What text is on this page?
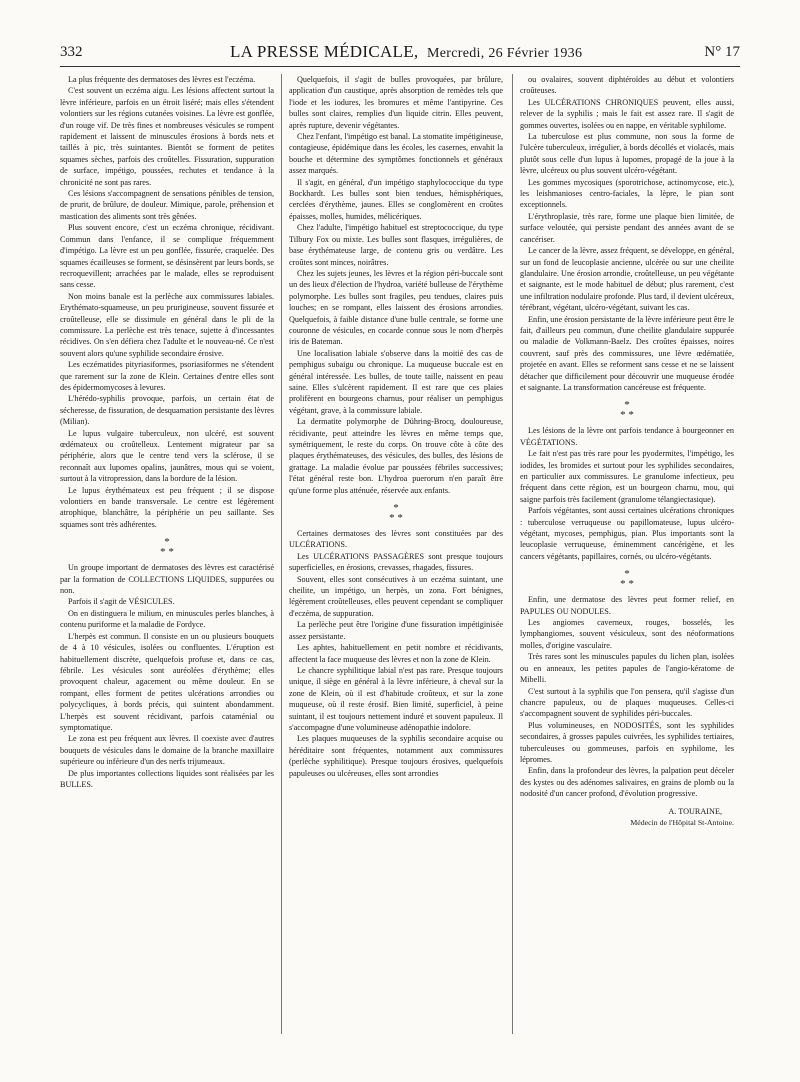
332	LA PRESSE MÉDICALE, Mercredi, 26 Février 1936	N° 17

La plus fréquente des dermatoses des lèvres est l'eczéma.

C'est souvent un eczéma aigu. Les lésions affectent surtout la lèvre inférieure, parfois en un étroit liséré; mais elles s'étendent volontiers sur les régions cutanées voisines. La lèvre est gonflée, d'un rouge vif. De très fines et nombreuses vésicules se rompent rapidement et laissent de minuscules érosions à bords nets et taillés à pic, très suintantes. Bientôt se forment de petites squames sèches, parfois des croûtelles. Fissuration, suppuration de surface, impétigo, poussées, rechutes et tendance à la chronicité ne sont pas rares.

Ces lésions s'accompagnent de sensations pénibles de tension, de prurit, de brûlure, de douleur. Mimique, parole, préhension et mastication des aliments sont très gênées.

Plus souvent encore, c'est un eczéma chronique, récidivant. Commun dans l'enfance, il se complique fréquemment d'impétigo. La lèvre est un peu gonflée, fissurée, craquelée. Des squames écailleuses se forment, se désinsèrent par leurs bords, se recroquevillent; arrachées par le malade, elles se reproduisent sans cesse.

Non moins banale est la perlèche aux commissures labiales. Erythémato-squameuse, un peu prurigineuse, souvent fissurée et croûtelleuse, elle se dissimule en général dans le pli de la commissure. La perlèche est très tenace, sujette à d'incessantes récidives. On s'en défiera chez l'adulte et le nouveau-né. Ce n'est souvent alors qu'une syphilide secondaire érosive.

Les eczématides pityriasiformes, psoriasiformes ne s'étendent que rarement sur la zone de Klein. Certaines d'entre elles sont des épidermomycoses à levures.

L'hérédo-syphilis provoque, parfois, un certain état de sécheresse, de fissuration, de desquamation persistante des lèvres (Milian).

Le lupus vulgaire tuberculeux, non ulcéré, est souvent œdémateux ou croûtelleux. Lentement migrateur par sa périphérie, alors que le centre tend vers la sclérose, il se reconnaît aux lupomes opalins, jaunâtres, mous qui se voient, surtout à la vitropression, dans la bordure de la lésion.

Le lupus érythémateux est peu fréquent ; il se dispose volontiers en bande transversale. Le centre est légèrement atrophique, blanchâtre, la périphérie un peu saillante. Ses squames sont très adhérentes.

*
* *

Un groupe important de dermatoses des lèvres est caractérisé par la formation de COLLECTIONS LIQUIDES, suppurées ou non.

Parfois il s'agit de VÉSICULES.

On en distinguera le milium, en minuscules perles blanches, à contenu puriforme et la maladie de Fordyce.

L'herpès est commun. Il consiste en un ou plusieurs bouquets de 4 à 10 vésicules, isolées ou confluentes. L'éruption est habituellement discrète, quelquefois profuse et, dans ce cas, fébrile. Les vésicules sont auréolées d'érythème; elles provoquent chaleur, agacement ou même douleur. En se rompant, elles forment de petites ulcérations arrondies ou polycycliques, à bords précis, qui suintent abondamment. L'herpès est souvent récidivant, parfois cataménial ou symptomatique.

Le zona est peu fréquent aux lèvres. Il coexiste avec d'autres bouquets de vésicules dans le domaine de la branche maxillaire supérieure ou inférieure d'un des nerfs trijumeaux.

De plus importantes collections liquides sont réalisées par les BULLES.

Quelquefois, il s'agit de bulles provoquées, par brûlure, application d'un caustique, après absorption de remèdes tels que l'iode et les iodures, les bromures et même l'antipyrine. Ces bulles sont claires, remplies d'un liquide citrin. Elles peuvent, après rupture, devenir végétantes.

Chez l'enfant, l'impétigo est banal. La stomatite impétigineuse, contagieuse, épidémique dans les écoles, les casernes, envahit la bouche et détermine des symptômes fonctionnels et généraux assez marqués.

Il s'agit, en général, d'un impétigo staphylococcique du type Bockhardt. Les bulles sont bien tendues, hémisphériques, cerclées d'érythème, jaunes. Elles se conglomèrent en croûtes épaisses, molles, humides, mélicériques.

Chez l'adulte, l'impétigo habituel est streptococcique, du type Tilbury Fox ou mixte. Les bulles sont flasques, irrégulières, de base érythémateuse large, de contenu gris ou verdâtre. Les croûtes sont minces, noirâtres.

Chez les sujets jeunes, les lèvres et la région péri-buccale sont un des lieux d'élection de l'hydroa, variété bulleuse de l'érythème polymorphe. Les bulles sont fragiles, peu tendues, claires puis louches; en se rompant, elles laissent des érosions arrondies. Quelquefois, à faible distance d'une bulle centrale, se forme une couronne de vésicules, en cocarde connue sous le nom d'herpès iris de Bateman.

Une localisation labiale s'observe dans la moitié des cas de pemphigus subaigu ou chronique. La muqueuse buccale est en général intéressée. Les bulles, de toute taille, naissent en peau saine. Elles s'ulcèrent rapidement. Il est rare que ces plaies prolifèrent en bourgeons charnus, pour réaliser un pemphigus végétant, grave, à la commissure labiale.

La dermatite polymorphe de Dühring-Brocq, douloureuse, récidivante, peut atteindre les lèvres en même temps que, symétriquement, le reste du corps. On trouve côte à côte des plaques érythémateuses, des vésicules, des bulles, des lésions de grattage. La maladie évolue par poussées fébriles successives; l'état général reste bon. L'hydroa puerorum n'en paraît être qu'une forme plus atténuée, réservée aux enfants.

*
* *

Certaines dermatoses des lèvres sont constituées par des ULCÉRATIONS.

Les ULCÉRATIONS PASSAGÈRES sont presque toujours superficielles, en érosions, crevasses, rhagades, fissures.

Souvent, elles sont consécutives à un eczéma suintant, une cheilite, un impétigo, un herpès, un zona. Fort bénignes, légèrement croûtelleuses, elles peuvent cependant se compliquer d'eczéma, de suppuration.

La perlèche peut être l'origine d'une fissuration impétiginisée assez persistante.

Les aphtes, habituellement en petit nombre et récidivants, affectent la face muqueuse des lèvres et non la zone de Klein.

Le chancre syphilitique labial n'est pas rare. Presque toujours unique, il siège en général à la lèvre inférieure, à cheval sur la zone de Klein, où il est d'habitude croûteux, et sur la zone muqueuse, où il reste érosif. Bien limité, superficiel, à peine suintant, il est toujours nettement induré et souvent papuleux. Il s'accompagne d'une volumineuse adénopathie indolore.

Les plaques muqueuses de la syphilis secondaire acquise ou héréditaire sont fréquentes, notamment aux commissures (perlèche syphilitique). Presque toujours érosives, quelquefois papuleuses ou ulcéreuses, elles sont arrondies

ou ovalaires, souvent diphtéroïdes au début et volontiers croûteuses.

Les ULCÉRATIONS CHRONIQUES peuvent, elles aussi, relever de la syphilis ; mais le fait est assez rare. Il s'agit de gommes ouvertes, isolées ou en nappe, en véritable syphilome.

La tuberculose est plus commune, non sous la forme de l'ulcère tuberculeux, irrégulier, à bords décollés et violacés, mais plutôt sous celle d'un lupus à lupomes, propagé de la joue à la lèvre, ulcéreux ou plus souvent ulcéro-végétant.

Les gommes mycosiques (sporotrichose, actinomycose, etc.), les leishmanioses centro-faciales, la lèpre, le pian sont exceptionnels.

L'érythroplasie, très rare, forme une plaque bien limitée, de surface veloutée, qui persiste pendant des années avant de se cancériser.

Le cancer de la lèvre, assez fréquent, se développe, en général, sur un fond de leucoplasie ancienne, ulcérée ou sur une cheilite glandulaire. Une érosion arrondie, croûtelleuse, un peu végétante et saignante, est le mode habituel de début; plus rarement, c'est une infiltration nodulaire profonde. Plus tard, il devient ulcéreux, térébrant, végétant, ulcéro-végétant, suivant les cas.

Enfin, une érosion persistante de la lèvre inférieure peut être le fait, d'ailleurs peu commun, d'une cheilite glandulaire suppurée ou maladie de Volkmann-Baelz. Des croûtes épaisses, noires couvrent, sauf près des commissures, une lèvre œdématiée, projetée en avant. Elles se reforment sans cesse et ne se laissent détacher que difficilement pour découvrir une muqueuse érodée et saignante. La transformation cancéreuse est fréquente.

*
* *

Les lésions de la lèvre ont parfois tendance à bourgeonner en VÉGÉTATIONS.

Le fait n'est pas très rare pour les pyodermites, l'impétigo, les iodides, les bromides et surtout pour les syphilides secondaires, en particulier aux commissures. Le granulome infectieux, peu fréquent dans cette région, est un bourgeon charnu, mou, qui saigne parfois très facilement (granulome télangiectasique).

Parfois végétantes, sont aussi certaines ulcérations chroniques : tuberculose verruqueuse ou papillomateuse, lupus ulcéro-végétant, mycoses, pemphigus, pian. Plus importants sont la leucoplasie verruqueuse, éminemment cancérigène, et les cancers végétants, papillaires, cornés, ou ulcéro-végétants.

*
* *

Enfin, une dermatose des lèvres peut former relief, en PAPULES OU NODULES.

Les angiomes caverneux, rouges, bosselés, les lymphangiomes, souvent vésiculeux, sont des néoformations molles, d'origine vasculaire.

Très rares sont les minuscules papules du lichen plan, isolées ou en anneaux, les petites papules de l'angio-kératome de Mibelli.

C'est surtout à la syphilis que l'on pensera, qu'il s'agisse d'un chancre papuleux, ou de plaques muqueuses. Celles-ci s'accompagnent souvent de syphilides péri-buccales.

Plus volumineuses, en NODOSITÉS, sont les syphilides secondaires, à grosses papules cuivrées, les syphilides tertiaires, tuberculeuses ou gommeuses, parfois en syphilome, les lépromes.

Enfin, dans la profondeur des lèvres, la palpation peut déceler des kystes ou des adénomes salivaires, en grains de plomb ou la nodosité d'un cancer profond, d'évolution progressive.

A. TOURAINE,
Médecin de l'Hôpital St-Antoine.
